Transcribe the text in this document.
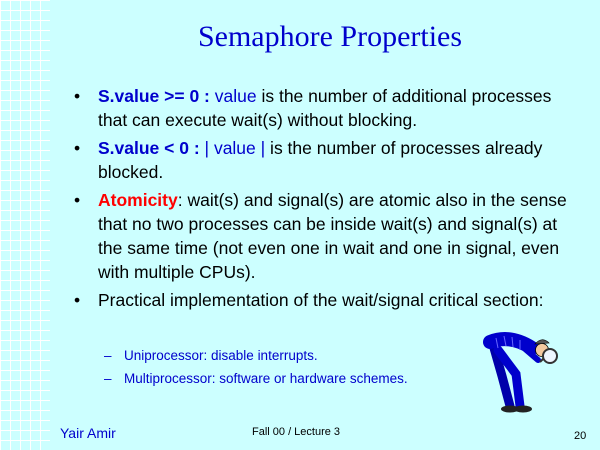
Semaphore Properties
• S.value >= 0 : value is the number of additional processes that can execute wait(s) without blocking.
• S.value < 0 : | value | is the number of processes already blocked.
• Atomicity: wait(s) and signal(s) are atomic also in the sense that no two processes can be inside wait(s) and signal(s) at the same time (not even one in wait and one in signal, even with multiple CPUs).
• Practical implementation of the wait/signal critical section:
– Uniprocessor: disable interrupts.
– Multiprocessor: software or hardware schemes.
Yair Amir	Fall 00 / Lecture 3	20
